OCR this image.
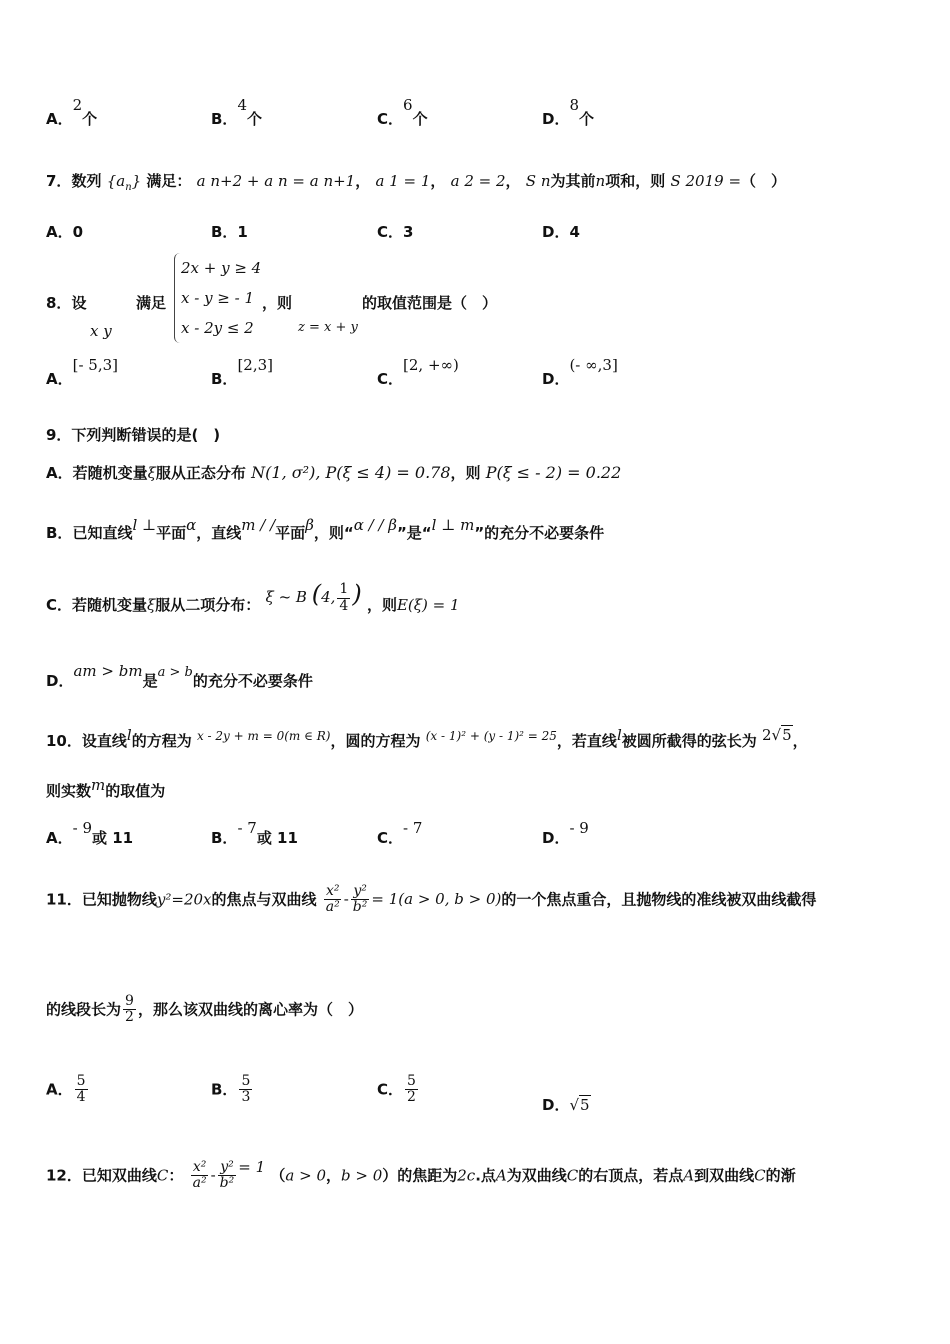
A．2个	B．4个	C．6个	D．8个
7．数列 $\{a_n\}$ 满足： a n+2 + a n = a n+1， a 1 = 1， a 2 = 2， S n为其前n项和，则 S 2019 =（　）
A．0	B．1	C．3	D．4
8．设
x y
满足
2x + y ≥ 4
x - y ≥ - 1
x - 2y ≤ 2
，则
z = x + y
的取值范围是（　）
A．[- 5,3]
B．[2,3]
C．[2, +∞)
D．(- ∞,3]
9．下列判断错误的是(　)
A．若随机变量ξ服从正态分布 N(1, σ²), P(ξ ≤ 4) = 0.78，则 P(ξ ≤ - 2) = 0.22
B．已知直线l ⊥平面α，直线m / /平面β，则“α / / β”是“l ⊥ m”的充分不必要条件
C．若随机变量ξ服从二项分布： ξ ~ B (4, $\frac{1}{4}$ ) ，则E(ξ) = 1
D．am > bm是a > b的充分不必要条件
10．设直线l的方程为 $^{x - 2y + m = 0(m \in R)}$，圆的方程为 $^{(x - 1)^2 + (y - 1)^2 = 25}$，若直线l被圆所截得的弦长为 2√5，
则实数m的取值为
A．- 9或 11	B．- 7或 11	C．- 7
D．- 9
11．已知抛物线y²=20x的焦点与双曲线 $\frac{\text{x²}}{\text{a²}} - \frac{\text{y²}}{\text{b²}} = 1(a > 0$, b > 0)的一个焦点重合，且抛物线的准线被双曲线截得
的线段长为 $\frac{9}{2}$ ，那么该双曲线的离心率为（　）
A． $\frac{5}{4}$	B． $\frac{5}{3}$	C． $\frac{5}{2}$	D．√5
12．已知双曲线C： $\frac{\text{x²}}{\text{a²}} - \frac{\text{y²}}{\text{b²}} = 1$ （a > 0，b > 0）的焦距为2c.点A为双曲线C的右顶点，若点A到双曲线C的渐
